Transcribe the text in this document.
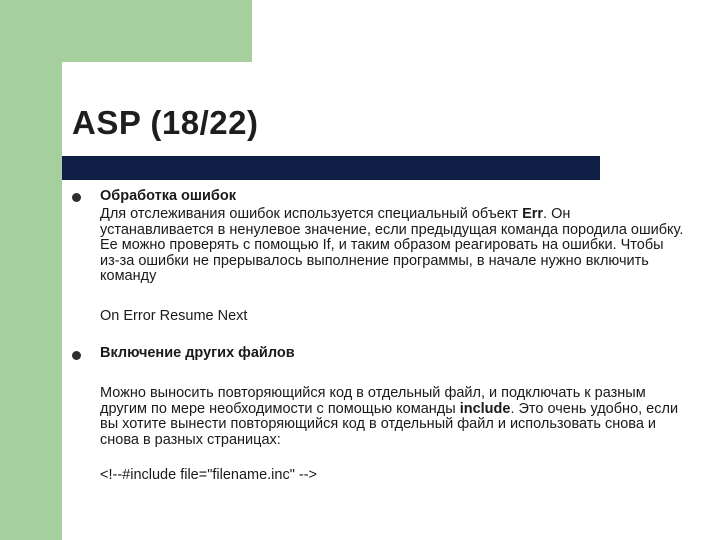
ASP (18/22)
Обработка ошибок
Для отслеживания ошибок используется специальный объект Err. Он устанавливается в ненулевое значение, если предыдущая команда породила ошибку. Ее можно проверять с помощью If, и таким образом реагировать на ошибки. Чтобы из-за ошибки не прерывалось выполнение программы, в начале нужно включить команду
On Error Resume Next
Включение других файлов
Можно выносить повторяющийся код в отдельный файл, и подключать к разным другим по мере необходимости с помощью команды include. Это очень удобно, если вы хотите вынести повторяющийся код в отдельный файл и использовать снова и снова в разных страницах:
<!--#include file="filename.inc" -->
